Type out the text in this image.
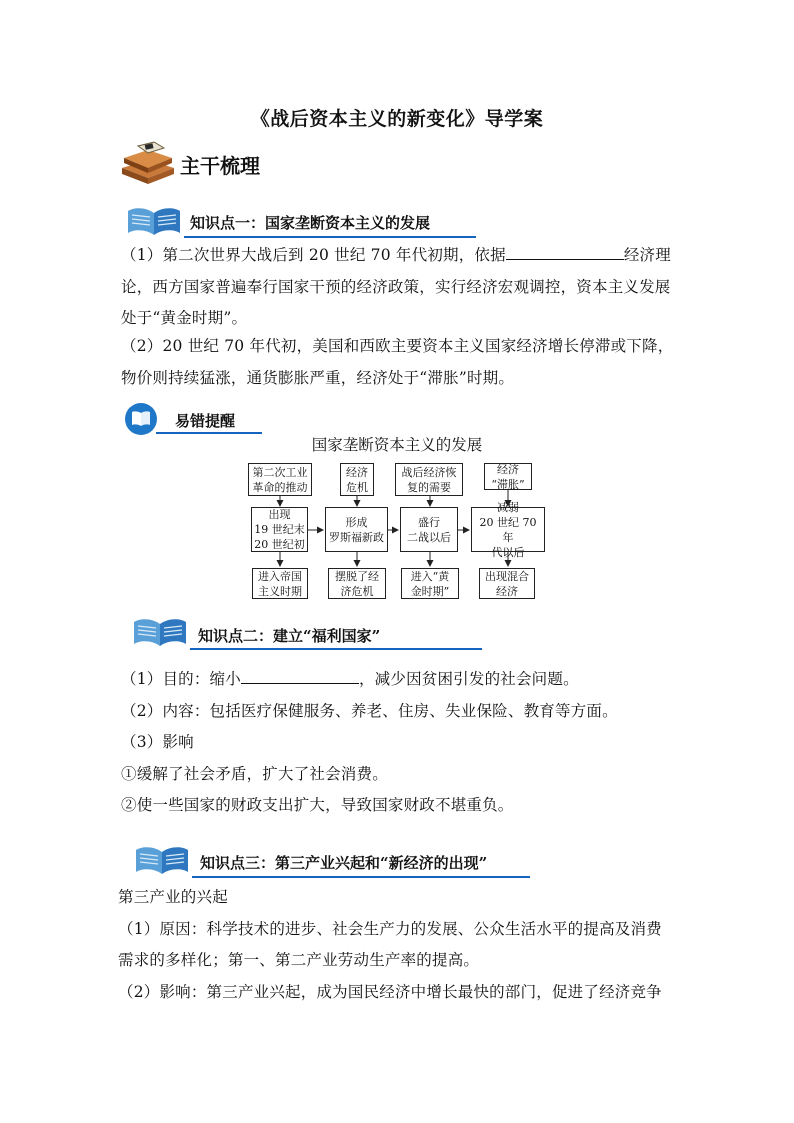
《战后资本主义的新变化》导学案
主干梳理
知识点一：国家垄断资本主义的发展
（1）第二次世界大战后到 20 世纪 70 年代初期，依据	经济理
论，西方国家普遍奉行国家干预的经济政策，实行经济宏观调控，资本主义发展
处于“黄金时期”。
（2）20 世纪 70 年代初，美国和西欧主要资本主义国家经济增长停滞或下降，
物价则持续猛涨，通货膨胀严重，经济处于“滞胀”时期。
易错提醒
国家垄断资本主义的发展
第二次工业
革命的推动
经济
危机
战后经济恢
复的需要
经济
“滞胀”
出现
19 世纪末
20 世纪初
形成
罗斯福新政
盛行
二战以后
减弱
20 世纪 70 年
代以后
进入帝国
主义时期
摆脱了经
济危机
进入“黄
金时期”
出现混合
经济
知识点二：建立“福利国家”
（1）目的：缩小	，减少因贫困引发的社会问题。
（2）内容：包括医疗保健服务、养老、住房、失业保险、教育等方面。
（3）影响
①缓解了社会矛盾，扩大了社会消费。
②使一些国家的财政支出扩大，导致国家财政不堪重负。
知识点三：第三产业兴起和“新经济的出现”
第三产业的兴起
（1）原因：科学技术的进步、社会生产力的发展、公众生活水平的提高及消费
需求的多样化；第一、第二产业劳动生产率的提高。
（2）影响：第三产业兴起，成为国民经济中增长最快的部门，促进了经济竞争
